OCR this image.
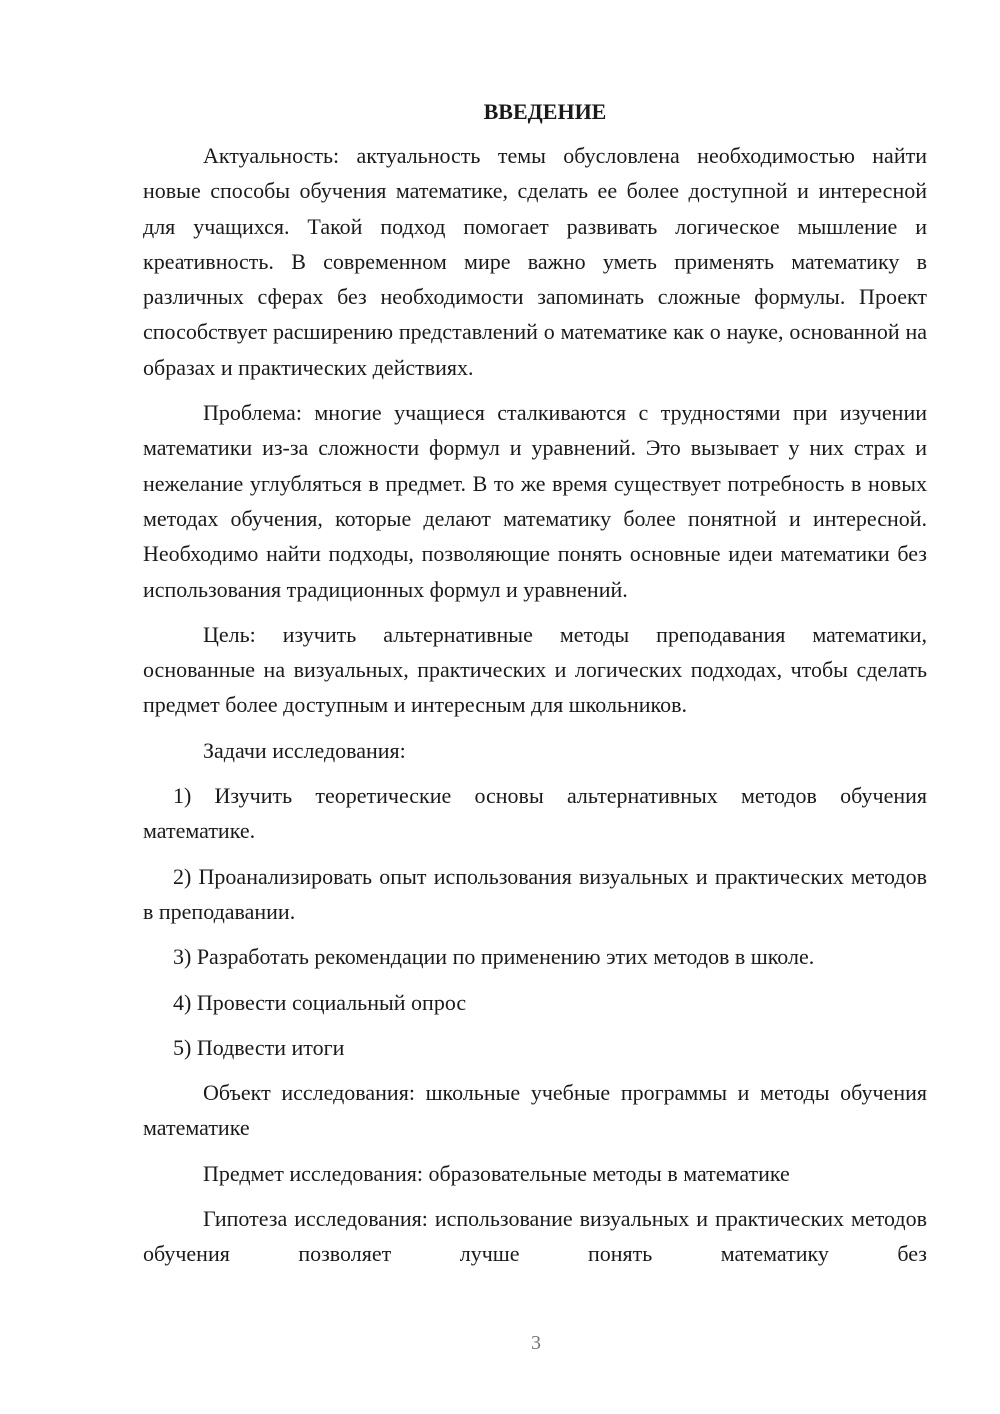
ВВЕДЕНИЕ

Актуальность: актуальность темы обусловлена необходимостью найти новые способы обучения математике, сделать ее более доступной и интересной для учащихся. Такой подход помогает развивать логическое мышление и креативность. В современном мире важно уметь применять математику в различных сферах без необходимости запоминать сложные формулы. Проект способствует расширению представлений о математике как о науке, основанной на образах и практических действиях.

Проблема: многие учащиеся сталкиваются с трудностями при изучении математики из-за сложности формул и уравнений. Это вызывает у них страх и нежелание углубляться в предмет. В то же время существует потребность в новых методах обучения, которые делают математику более понятной и интересной. Необходимо найти подходы, позволяющие понять основные идеи математики без использования традиционных формул и уравнений.

Цель: изучить альтернативные методы преподавания математики, основанные на визуальных, практических и логических подходах, чтобы сделать предмет более доступным и интересным для школьников.

Задачи исследования:

1) Изучить теоретические основы альтернативных методов обучения математике.

2) Проанализировать опыт использования визуальных и практических методов в преподавании.

3) Разработать рекомендации по применению этих методов в школе.

4) Провести социальный опрос

5) Подвести итоги

Объект исследования: школьные учебные программы и методы обучения математике

Предмет исследования: образовательные методы в математике

Гипотеза исследования: использование визуальных и практических методов обучения позволяет лучше понять математику без

3
